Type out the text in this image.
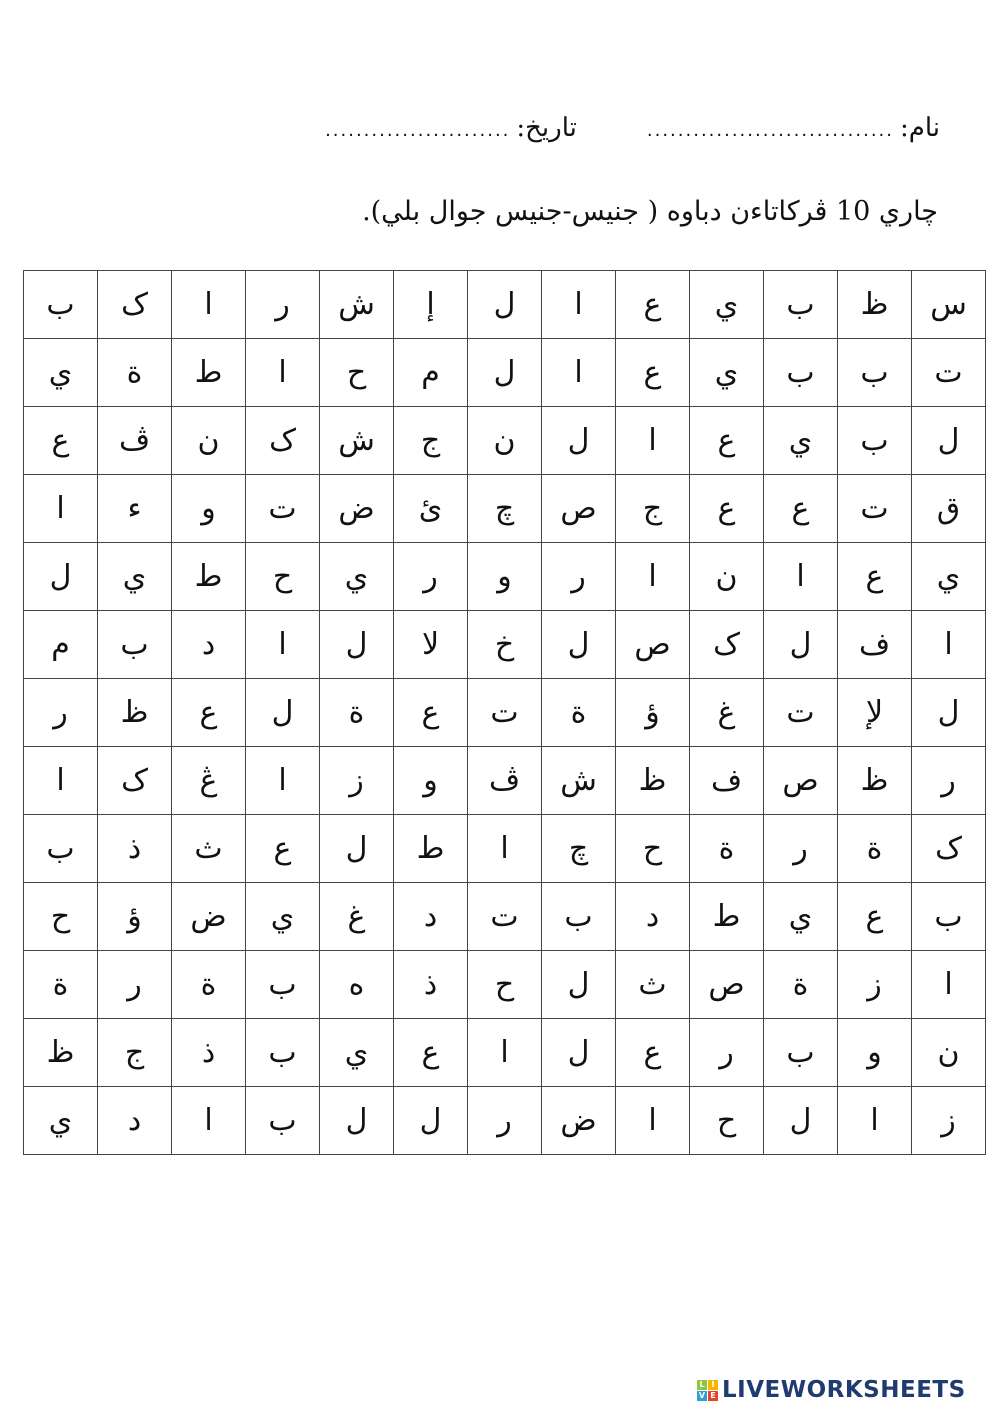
نام:
................................
تاريخ:
........................
چاري 10 ڤرکاتاءن دباوه ( جنيس-جنيس جوال بلي).
ب	ک	ا	ر	ش	إ	ل	ا	ع	ي	ب	ظ	س
ي	ة	ط	ا	ح	م	ل	ا	ع	ي	ب	ب	ت
ع	ڤ	ن	ک	ش	ج	ن	ل	ا	ع	ي	ب	ل
ا	ء	و	ت	ض	ئ	چ	ص	ج	ع	ع	ت	ق
ل	ي	ط	ح	ي	ر	و	ر	ا	ن	ا	ع	ي
م	ب	د	ا	ل	لا	خ	ل	ص	ک	ل	ف	ا
ر	ظ	ع	ل	ة	ع	ت	ة	ؤ	غ	ت	لإ	ل
ا	ک	ڠ	ا	ز	و	ڤ	ش	ظ	ف	ص	ظ	ر
ب	ذ	ث	ع	ل	ط	ا	چ	ح	ة	ر	ة	ک
ح	ؤ	ض	ي	غ	د	ت	ب	د	ط	ي	ع	ب
ة	ر	ة	ب	ه	ذ	ح	ل	ث	ص	ة	ز	ا
ظ	ج	ذ	ب	ي	ع	ا	ل	ع	ر	ب	و	ن
ي	د	ا	ب	ل	ل	ر	ض	ا	ح	ل	ا	ز
L I
V E LIVEWORKSHEETS
